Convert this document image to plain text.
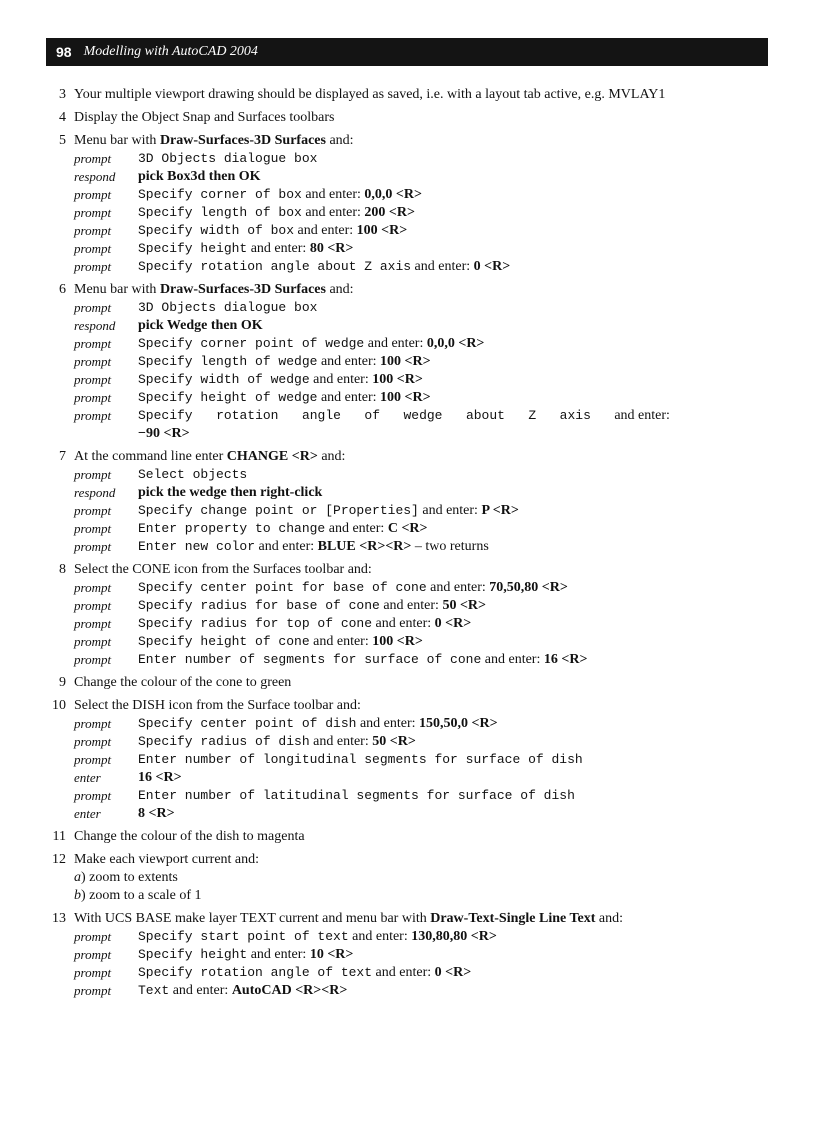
98 Modelling with AutoCAD 2004
3 Your multiple viewport drawing should be displayed as saved, i.e. with a layout tab active, e.g. MVLAY1
4 Display the Object Snap and Surfaces toolbars
5 Menu bar with Draw-Surfaces-3D Surfaces and:
prompt 3D Objects dialogue box
respond pick Box3d then OK
prompt Specify corner of box and enter: 0,0,0 <R>
prompt Specify length of box and enter: 200 <R>
prompt Specify width of box and enter: 100 <R>
prompt Specify height and enter: 80 <R>
prompt Specify rotation angle about Z axis and enter: 0 <R>
6 Menu bar with Draw-Surfaces-3D Surfaces and:
prompt 3D Objects dialogue box
respond pick Wedge then OK
prompt Specify corner point of wedge and enter: 0,0,0 <R>
prompt Specify length of wedge and enter: 100 <R>
prompt Specify width of wedge and enter: 100 <R>
prompt Specify height of wedge and enter: 100 <R>
prompt Specify rotation angle of wedge about Z axis and enter:
−90 <R>
7 At the command line enter CHANGE <R> and:
prompt Select objects
respond pick the wedge then right-click
prompt Specify change point or [Properties] and enter: P <R>
prompt Enter property to change and enter: C <R>
prompt Enter new color and enter: BLUE <R><R> – two returns
8 Select the CONE icon from the Surfaces toolbar and:
prompt Specify center point for base of cone and enter: 70,50,80 <R>
prompt Specify radius for base of cone and enter: 50 <R>
prompt Specify radius for top of cone and enter: 0 <R>
prompt Specify height of cone and enter: 100 <R>
prompt Enter number of segments for surface of cone and enter: 16 <R>
9 Change the colour of the cone to green
10 Select the DISH icon from the Surface toolbar and:
prompt Specify center point of dish and enter: 150,50,0 <R>
prompt Specify radius of dish and enter: 50 <R>
prompt Enter number of longitudinal segments for surface of dish
enter	16 <R>
prompt Enter number of latitudinal segments for surface of dish
enter	8 <R>
11 Change the colour of the dish to magenta
12 Make each viewport current and:
a) zoom to extents
b) zoom to a scale of 1
13 With UCS BASE make layer TEXT current and menu bar with Draw-Text-Single Line Text and:
prompt Specify start point of text and enter: 130,80,80 <R>
prompt Specify height and enter: 10 <R>
prompt Specify rotation angle of text and enter: 0 <R>
prompt Text and enter: AutoCAD <R><R>
